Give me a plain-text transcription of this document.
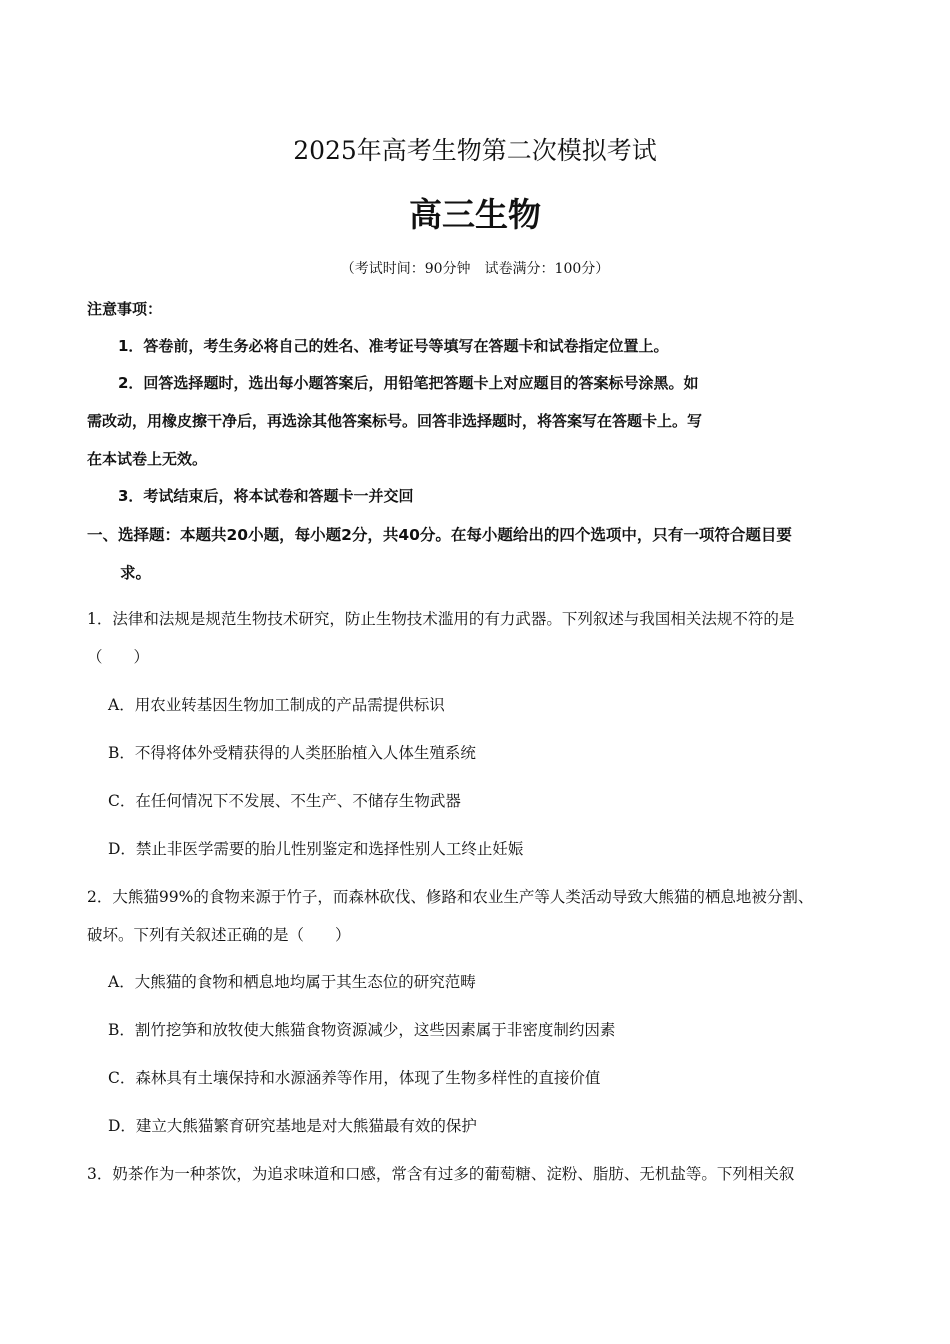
2025年高考生物第二次模拟考试
高三生物
（考试时间：90分钟　试卷满分：100分）
注意事项：
1．答卷前，考生务必将自己的姓名、准考证号等填写在答题卡和试卷指定位置上。
2．回答选择题时，选出每小题答案后，用铅笔把答题卡上对应题目的答案标号涂黑。如
需改动，用橡皮擦干净后，再选涂其他答案标号。回答非选择题时，将答案写在答题卡上。写
在本试卷上无效。
3．考试结束后，将本试卷和答题卡一并交回
一、选择题：本题共20小题，每小题2分，共40分。在每小题给出的四个选项中，只有一项符合题目要
求。
1．法律和法规是规范生物技术研究，防止生物技术滥用的有力武器。下列叙述与我国相关法规不符的是
（　　）
A．用农业转基因生物加工制成的产品需提供标识
B．不得将体外受精获得的人类胚胎植入人体生殖系统
C．在任何情况下不发展、不生产、不储存生物武器
D．禁止非医学需要的胎儿性别鉴定和选择性别人工终止妊娠
2．大熊猫99%的食物来源于竹子，而森林砍伐、修路和农业生产等人类活动导致大熊猫的栖息地被分割、
破坏。下列有关叙述正确的是（　　）
A．大熊猫的食物和栖息地均属于其生态位的研究范畴
B．割竹挖笋和放牧使大熊猫食物资源减少，这些因素属于非密度制约因素
C．森林具有土壤保持和水源涵养等作用，体现了生物多样性的直接价值
D．建立大熊猫繁育研究基地是对大熊猫最有效的保护
3．奶茶作为一种茶饮，为追求味道和口感，常含有过多的葡萄糖、淀粉、脂肪、无机盐等。下列相关叙
